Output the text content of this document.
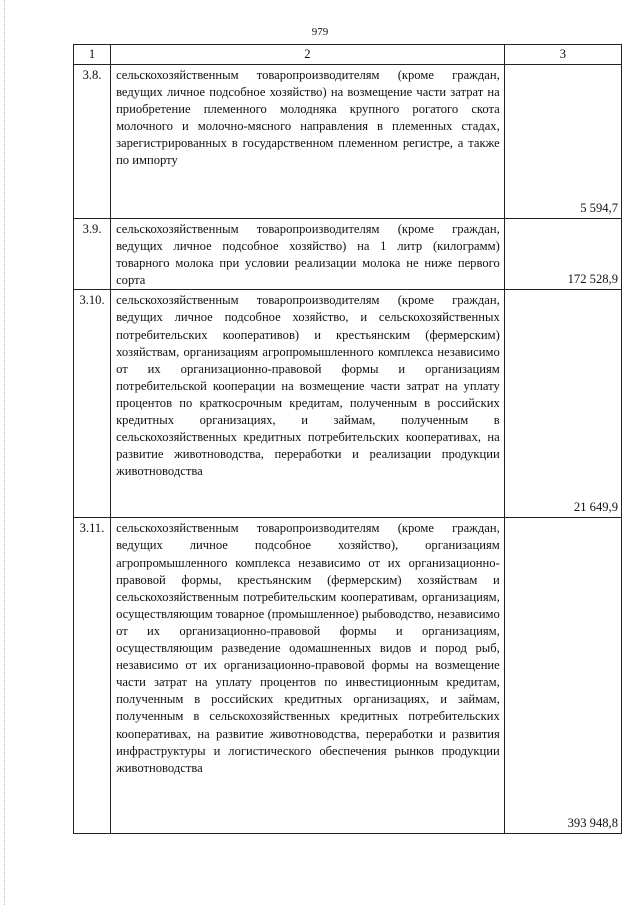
979
1	2	3
3.8.	сельскохозяйственным товаропроизводителям (кроме граждан, ведущих личное подсобное хозяйство) на возмещение части затрат на приобретение племенного молодняка крупного рогатого скота молочного и молочно-мясного направления в племенных стадах, зарегистрированных в государственном племенном регистре, а также по импорту	5 594,7

3.9.	сельскохозяйственным товаропроизводителям (кроме граждан, ведущих личное подсобное хозяйство) на 1 литр (килограмм) товарного молока при условии реализации молока не ниже первого сорта	172 528,9

3.10.	сельскохозяйственным товаропроизводителям (кроме граждан, ведущих личное подсобное хозяйство, и сельскохозяйственных потребительских кооперативов) и крестьянским (фермерским) хозяйствам, организациям агропромышленного комплекса независимо от их организационно-правовой формы и организациям потребительской кооперации на возмещение части затрат на уплату процентов по краткосрочным кредитам, полученным в российских кредитных организациях, и займам, полученным в сельскохозяйственных кредитных потребительских кооперативах, на развитие животноводства, переработки и реализации продукции животноводства	21 649,9

3.11.	сельскохозяйственным товаропроизводителям (кроме граждан, ведущих личное подсобное хозяйство), организациям агропромышленного комплекса независимо от их организационно-правовой формы, крестьянским (фермерским) хозяйствам и сельскохозяйственным потребительским кооперативам, организациям, осуществляющим товарное (промышленное) рыбоводство, независимо от их организационно-правовой формы и организациям, осуществляющим разведение одомашненных видов и пород рыб, независимо от их организационно-правовой формы на возмещение части затрат на уплату процентов по инвестиционным кредитам, полученным в российских кредитных организациях, и займам, полученным в сельскохозяйственных кредитных потребительских кооперативах, на развитие животноводства, переработки и развития инфраструктуры и логистического обеспечения рынков продукции животноводства	393 948,8
